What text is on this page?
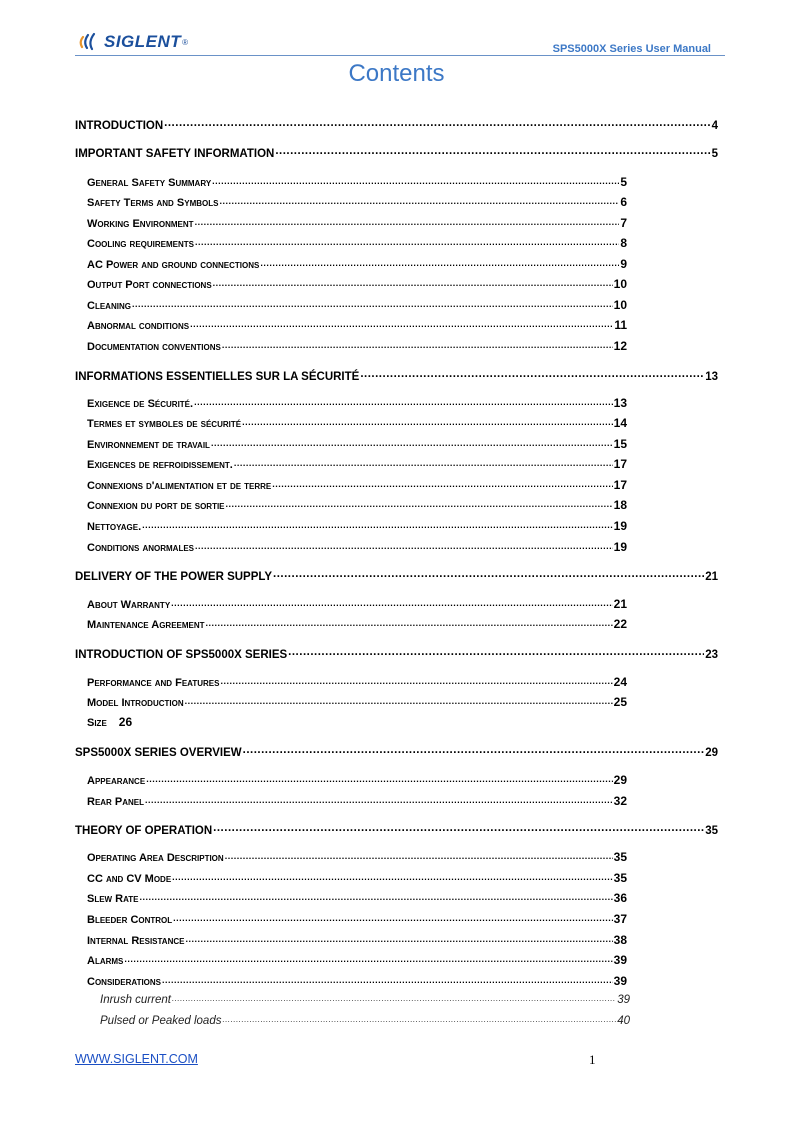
SIGLENT ®
SPS5000X Series User Manual
Contents
INTRODUCTION .....	4
IMPORTANT SAFETY INFORMATION .....	5
General Safety Summary .....	5
Safety Terms and Symbols .....	6
Working Environment .....	7
Cooling requirements .....	8
AC Power and ground connections .....	9
Output Port connections .....	10
Cleaning .....	10
Abnormal conditions .....	11
Documentation conventions .....	12
INFORMATIONS ESSENTIELLES SUR LA SÉCURITÉ .....	13
Exigence de Sécurité. .....	13
Termes et symboles de sécurité .....	14
Environnement de travail .....	15
Exigences de refroidissement. .....	17
Connexions d'alimentation et de terre .....	17
Connexion du port de sortie .....	18
Nettoyage. .....	19
Conditions anormales .....	19
DELIVERY OF THE POWER SUPPLY .....	21
About Warranty .....	21
Maintenance Agreement .....	22
INTRODUCTION OF SPS5000X SERIES .....	23
Performance and Features .....	24
Model Introduction .....	25
Size 26
SPS5000X SERIES OVERVIEW .....	29
Appearance .....	29
Rear Panel .....	32
THEORY OF OPERATION .....	35
Operating Area Description .....	35
CC and CV Mode .....	35
Slew Rate .....	36
Bleeder Control .....	37
Internal Resistance .....	38
Alarms .....	39
Considerations .....	39
Inrush current .....	39
Pulsed or Peaked loads .....	40
WWW.SIGLENT.COM	1
